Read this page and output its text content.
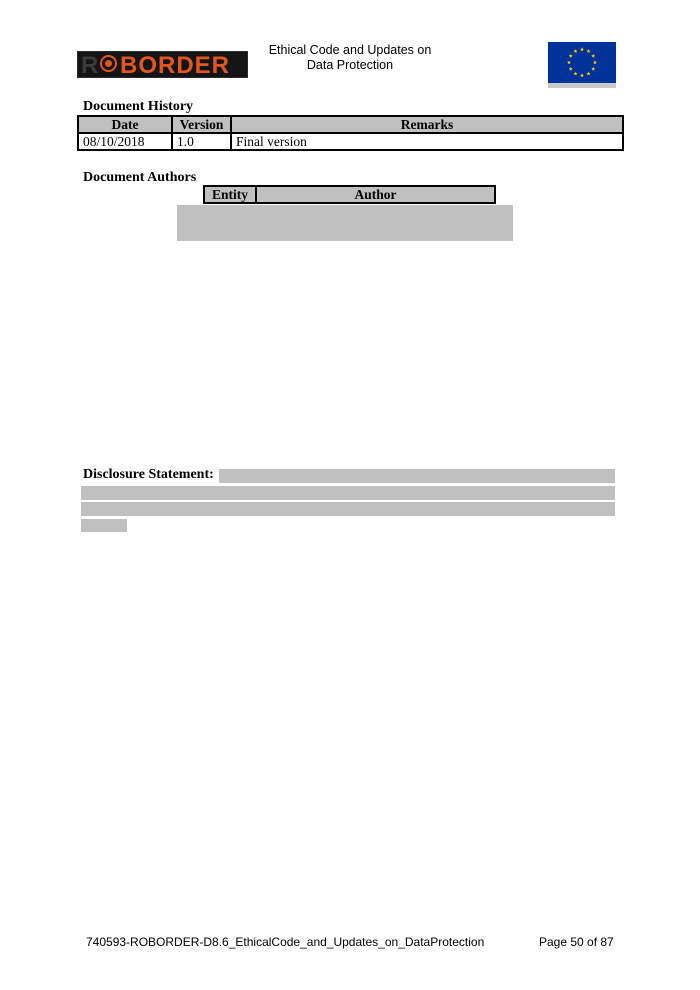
R BORDER
Ethical Code and Updates on
Data Protection
Document History
Date	Version	Remarks
08/10/2018	1.0	Final version
Document Authors
Entity	Author
Disclosure Statement:
740593-ROBORDER-D8.6_EthicalCode_and_Updates_on_DataProtection	Page 50 of 87
